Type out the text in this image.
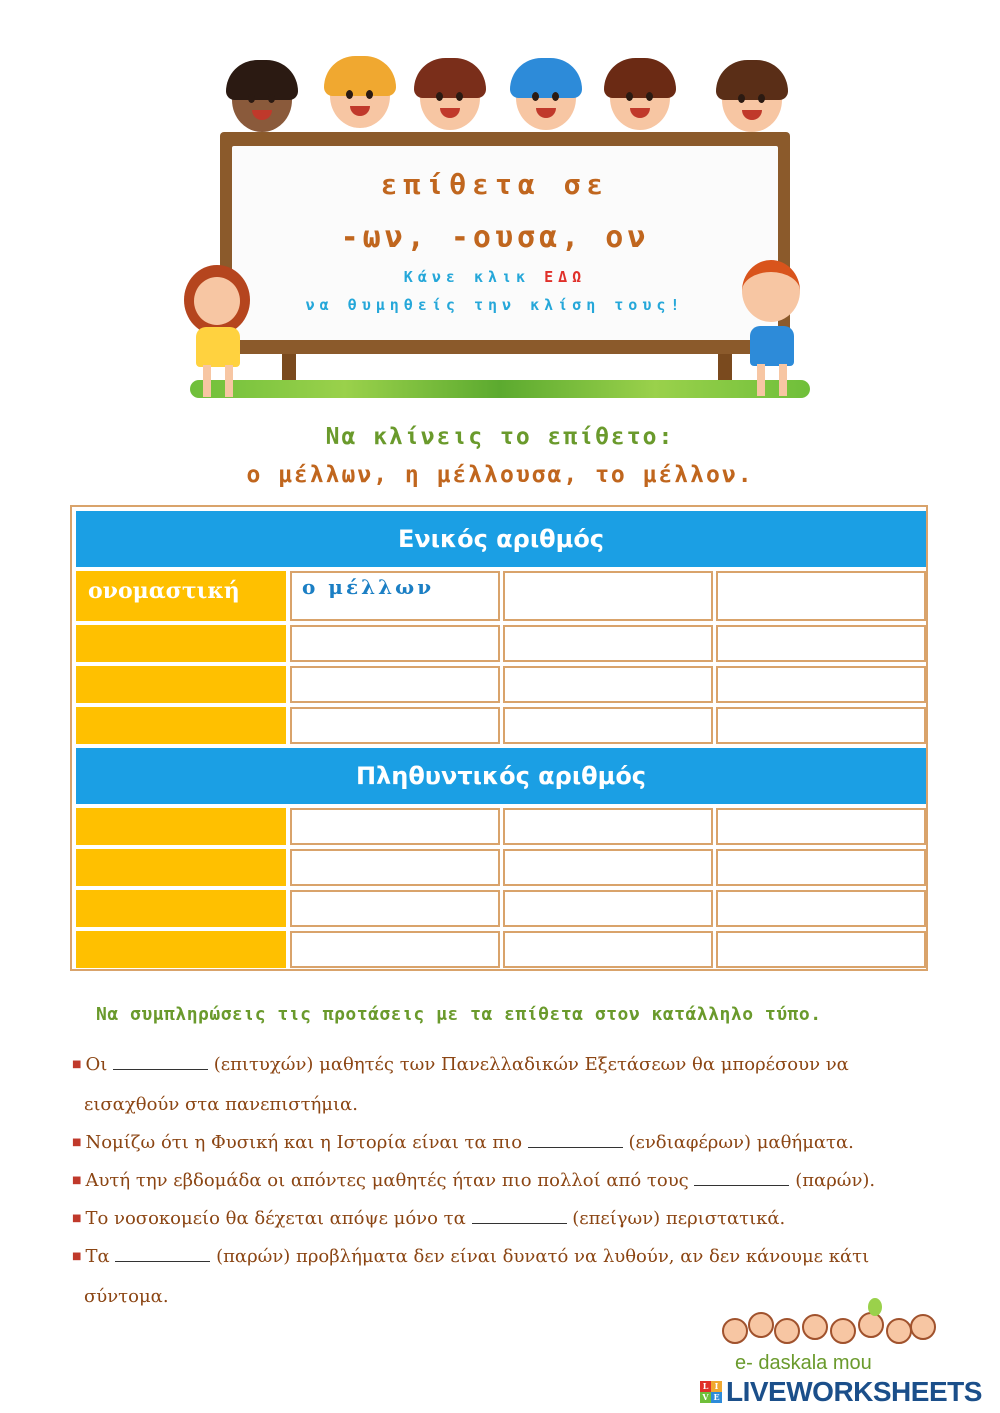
επίθετα σε
-ων, -ουσα, ον
Κάνε κλικ ΕΔΩ
να θυμηθείς την κλίση τους!
Να κλίνεις το επίθετο:
ο μέλλων, η μέλλουσα, το μέλλον.
Ενικός αριθμός
ονομαστική	ο μέλλων
Πληθυντικός αριθμός
Να συμπληρώσεις τις προτάσεις με τα επίθετα στον κατάλληλο τύπο.
■ Οι	(επιτυχών) μαθητές των Πανελλαδικών Εξετάσεων θα μπορέσουν να
εισαχθούν στα πανεπιστήμια.
■ Νομίζω ότι η Φυσική και η Ιστορία είναι τα πιο	(ενδιαφέρων) μαθήματα.
■ Αυτή την εβδομάδα οι απόντες μαθητές ήταν πιο πολλοί από τους	(παρών).
■ Το νοσοκομείο θα δέχεται απόψε μόνο τα	(επείγων) περιστατικά.
■ Τα	(παρών) προβλήματα δεν είναι δυνατό να λυθούν, αν δεν κάνουμε κάτι
σύντομα.
e- daskala mou
L I
V E LIVEWORKSHEETS
